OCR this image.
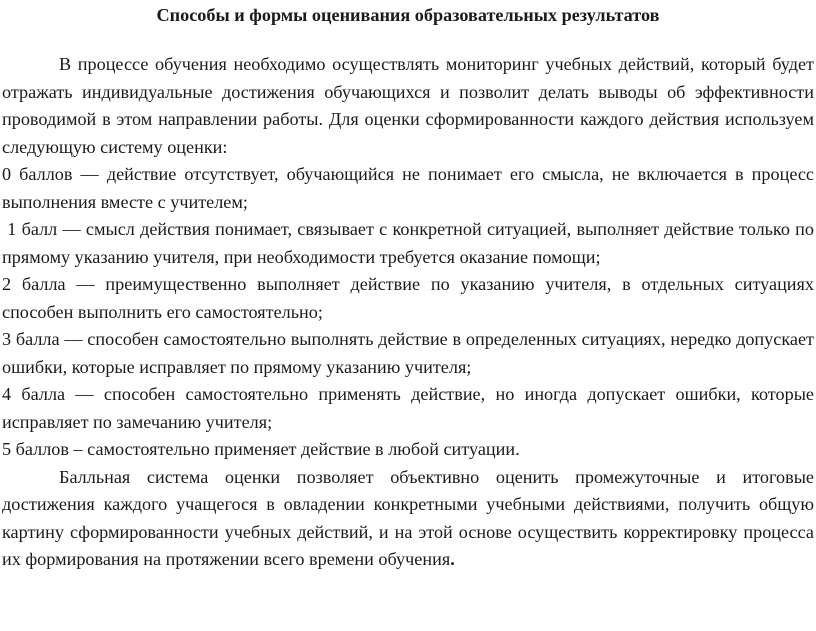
Способы и формы оценивания образовательных результатов

В процессе обучения необходимо осуществлять мониторинг учебных действий, который будет отражать индивидуальные достижения обучающихся и позволит делать выводы об эффективности проводимой в этом направлении работы. Для оценки сформированности каждого действия используем следующую систему оценки:

0 баллов — действие отсутствует, обучающийся не понимает его смысла, не включается в процесс выполнения вместе с учителем;

1 балл — смысл действия понимает, связывает с конкретной ситуацией, выполняет действие только по прямому указанию учителя, при необходимости требуется оказание помощи;

2 балла — преимущественно выполняет действие по указанию учителя, в отдельных ситуациях способен выполнить его самостоятельно;

3 балла — способен самостоятельно выполнять действие в определенных ситуациях, нередко допускает ошибки, которые исправляет по прямому указанию учителя;

4 балла — способен самостоятельно применять действие, но иногда допускает ошибки, которые исправляет по замечанию учителя;

5 баллов – самостоятельно применяет действие в любой ситуации.

Балльная система оценки позволяет объективно оценить промежуточные и итоговые достижения каждого учащегося в овладении конкретными учебными действиями, получить общую картину сформированности учебных действий, и на этой основе осуществить корректировку процесса их формирования на протяжении всего времени обучения.
